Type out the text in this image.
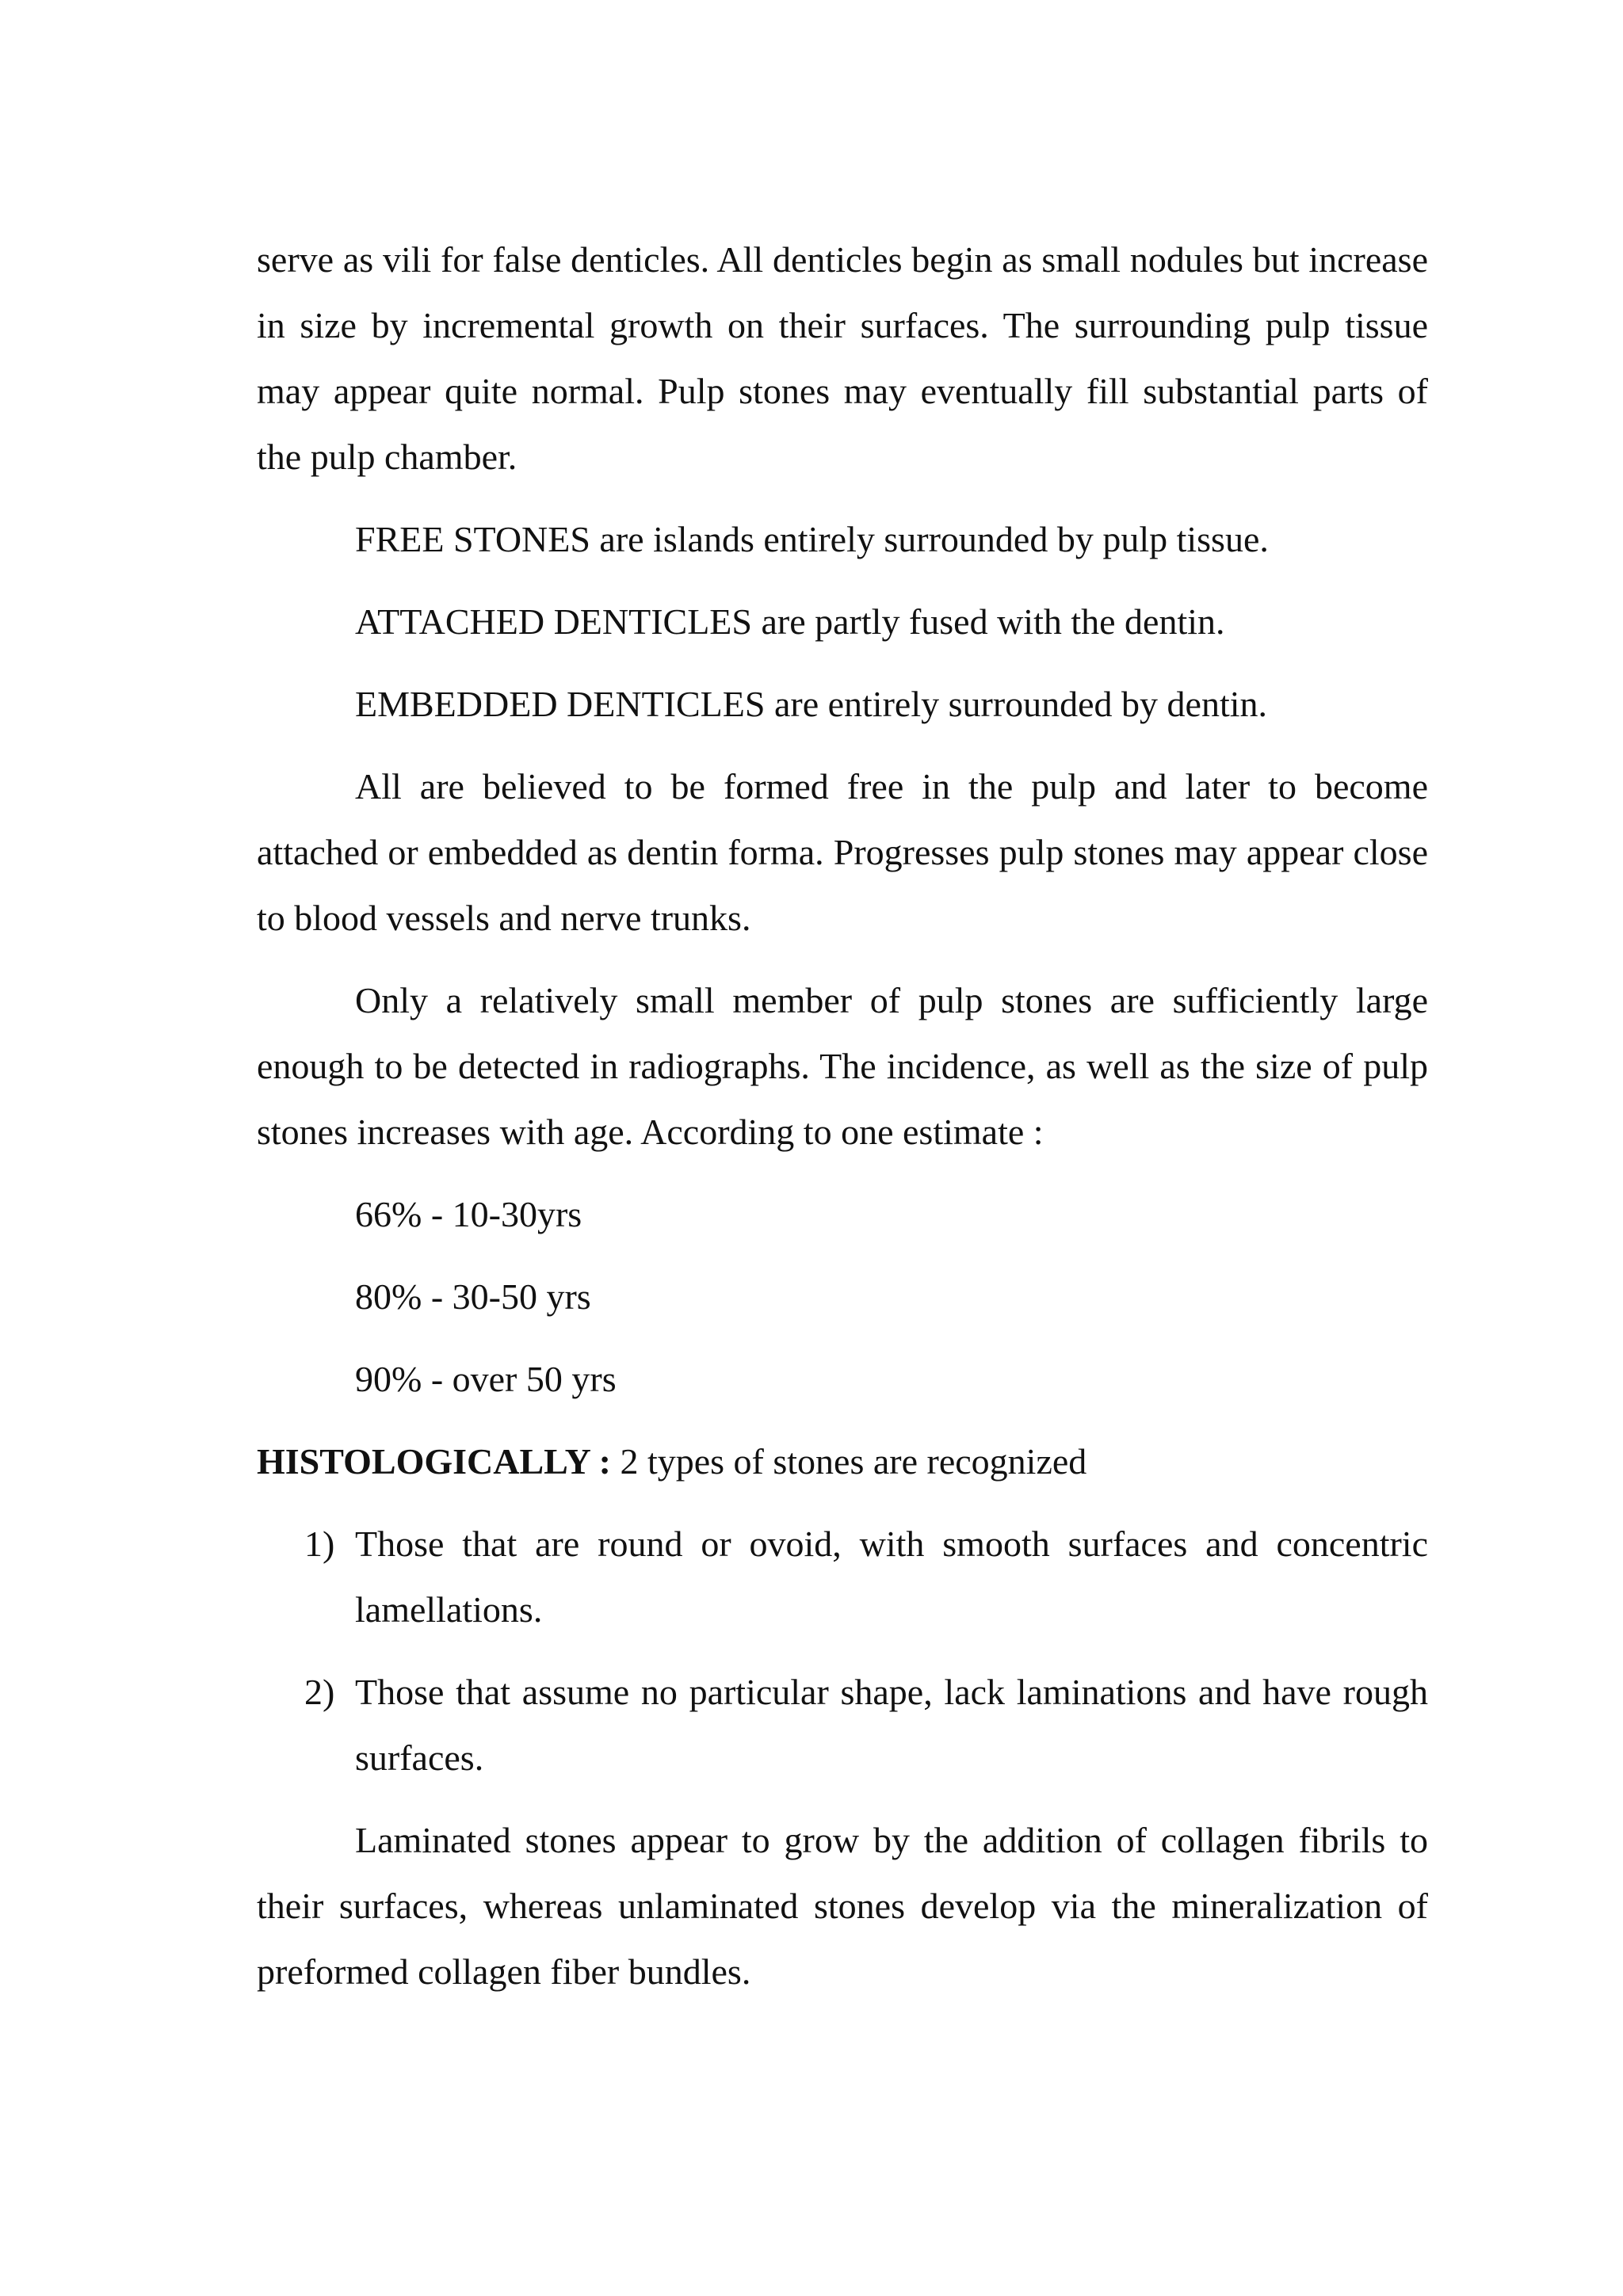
serve as vili for false denticles. All denticles begin as small nodules but increase in size by incremental growth on their surfaces. The surrounding pulp tissue may appear quite normal. Pulp stones may eventually fill substantial parts of the pulp chamber.

FREE STONES are islands entirely surrounded by pulp tissue.

ATTACHED DENTICLES are partly fused with the dentin.

EMBEDDED DENTICLES are entirely surrounded by dentin.

All are believed to be formed free in the pulp and later to become attached or embedded as dentin forma. Progresses pulp stones may appear close to blood vessels and nerve trunks.

Only a relatively small member of pulp stones are sufficiently large enough to be detected in radiographs. The incidence, as well as the size of pulp stones increases with age. According to one estimate :

66% - 10-30yrs

80% - 30-50 yrs

90% - over 50 yrs

HISTOLOGICALLY : 2 types of stones are recognized

1) Those that are round or ovoid, with smooth surfaces and concentric lamellations.
2) Those that assume no particular shape, lack laminations and have rough surfaces.

Laminated stones appear to grow by the addition of collagen fibrils to their surfaces, whereas unlaminated stones develop via the mineralization of preformed collagen fiber bundles.
